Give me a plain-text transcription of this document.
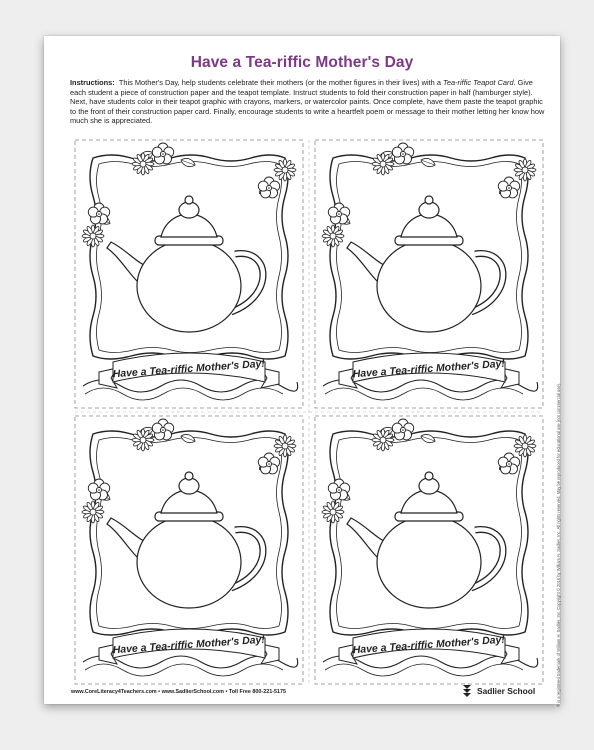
Have a Tea-riffic Mother's Day
Instructions: This Mother's Day, help students celebrate their mothers (or the mother figures in their lives) with a Tea-riffic Teapot Card. Give each student a piece of construction paper and the teapot template. Instruct students to fold their construction paper in half (hamburger style). Next, have students color in their teapot graphic with crayons, markers, or watercolor paints. Once complete, have them paste the teapot graphic to the front of their construction paper card. Finally, encourage students to write a heartfelt poem or message to their mother letting her know how much she is appreciated.
Have a Tea-riffic Mother's Day!	Have a Tea-riffic Mother's Day!
Have a Tea-riffic Mother's Day!	Have a Tea-riffic Mother's Day!	® is a registered trademark of William H. Sadlier, Inc. Copyright © 2016 by William H. Sadlier, Inc. All rights reserved. May be reproduced for educational use (not commercial use).
www.CoreLiteracy4Teachers.com • www.SadlierSchool.com • Toll Free 800-221-5175	Sadlier School
